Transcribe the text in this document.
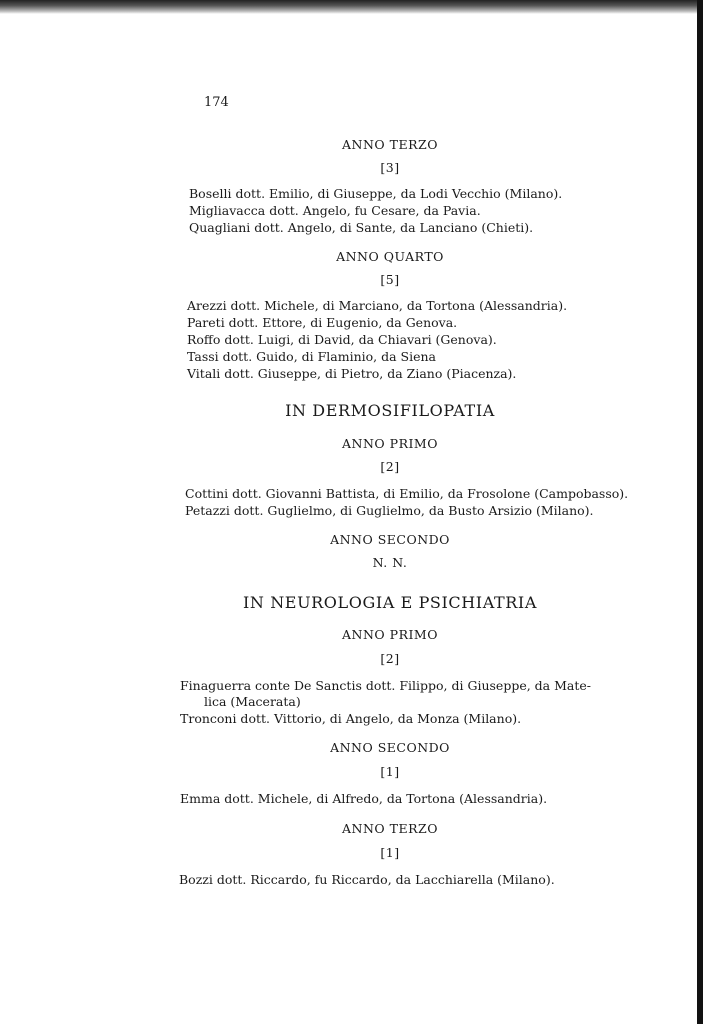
174
ANNO TERZO
[3]
Boselli dott. Emilio, di Giuseppe, da Lodi Vecchio (Milano).
Migliavacca dott. Angelo, fu Cesare, da Pavia.
Quagliani dott. Angelo, di Sante, da Lanciano (Chieti).
ANNO QUARTO
[5]
Arezzi dott. Michele, di Marciano, da Tortona (Alessandria).
Pareti dott. Ettore, di Eugenio, da Genova.
Roffo dott. Luigi, di David, da Chiavari (Genova).
Tassi dott. Guido, di Flaminio, da Siena
Vitali dott. Giuseppe, di Pietro, da Ziano (Piacenza).
IN DERMOSIFILOPATIA
ANNO PRIMO
[2]
Cottini dott. Giovanni Battista, di Emilio, da Frosolone (Campobasso).
Petazzi dott. Guglielmo, di Guglielmo, da Busto Arsizio (Milano).
ANNO SECONDO
N. N.
IN NEUROLOGIA E PSICHIATRIA
ANNO PRIMO
[2]
Finaguerra conte De Sanctis dott. Filippo, di Giuseppe, da Mate-
lica (Macerata)
Tronconi dott. Vittorio, di Angelo, da Monza (Milano).
ANNO SECONDO
[1]
Emma dott. Michele, di Alfredo, da Tortona (Alessandria).
ANNO TERZO
[1]
Bozzi dott. Riccardo, fu Riccardo, da Lacchiarella (Milano).
